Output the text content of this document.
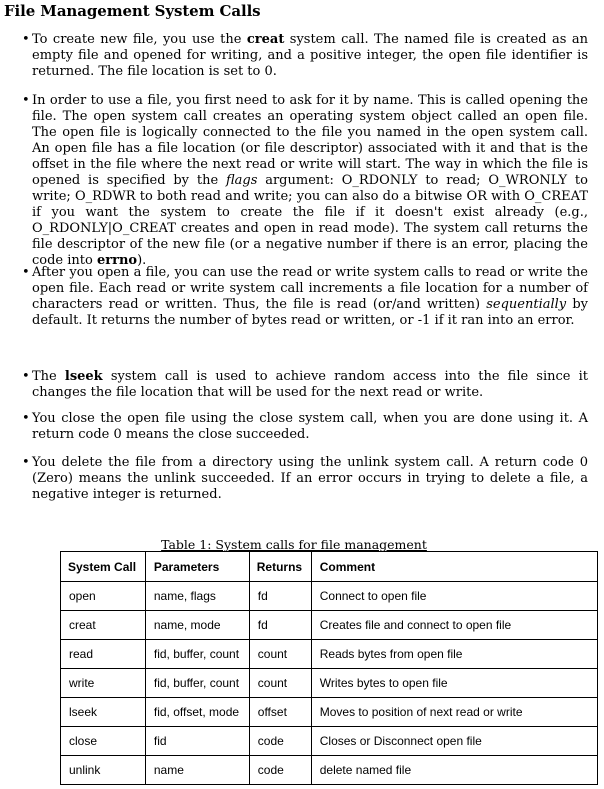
File Management System Calls
• To create new file, you use the creat system call. The named file is created as an empty file and opened for writing, and a positive integer, the open file identifier is returned. The file location is set to 0.
• In order to use a file, you first need to ask for it by name. This is called opening the file. The open system call creates an operating system object called an open file. The open file is logically connected to the file you named in the open system call. An open file has a file location (or file descriptor) associated with it and that is the offset in the file where the next read or write will start. The way in which the file is opened is specified by the flags argument: O_RDONLY to read; O_WRONLY to write; O_RDWR to both read and write; you can also do a bitwise OR with O_CREAT if you want the system to create the file if it doesn't exist already (e.g., O_RDONLY|O_CREAT creates and open in read mode). The system call returns the file descriptor of the new file (or a negative number if there is an error, placing the code into errno).
• After you open a file, you can use the read or write system calls to read or write the open file. Each read or write system call increments a file location for a number of characters read or written. Thus, the file is read (or/and written) sequentially by default. It returns the number of bytes read or written, or -1 if it ran into an error.
• The lseek system call is used to achieve random access into the file since it changes the file location that will be used for the next read or write.
• You close the open file using the close system call, when you are done using it. A return code 0 means the close succeeded.
• You delete the file from a directory using the unlink system call. A return code 0 (Zero) means the unlink succeeded. If an error occurs in trying to delete a file, a negative integer is returned.
Table 1: System calls for file management
System Call	Parameters	Returns	Comment
open	name, flags	fd	Connect to open file
creat	name, mode	fd	Creates file and connect to open file
read	fid, buffer, count	count	Reads bytes from open file
write	fid, buffer, count	count	Writes bytes to open file
lseek	fid, offset, mode	offset	Moves to position of next read or write
close	fid	code	Closes or Disconnect open file
unlink	name	code	delete named file
